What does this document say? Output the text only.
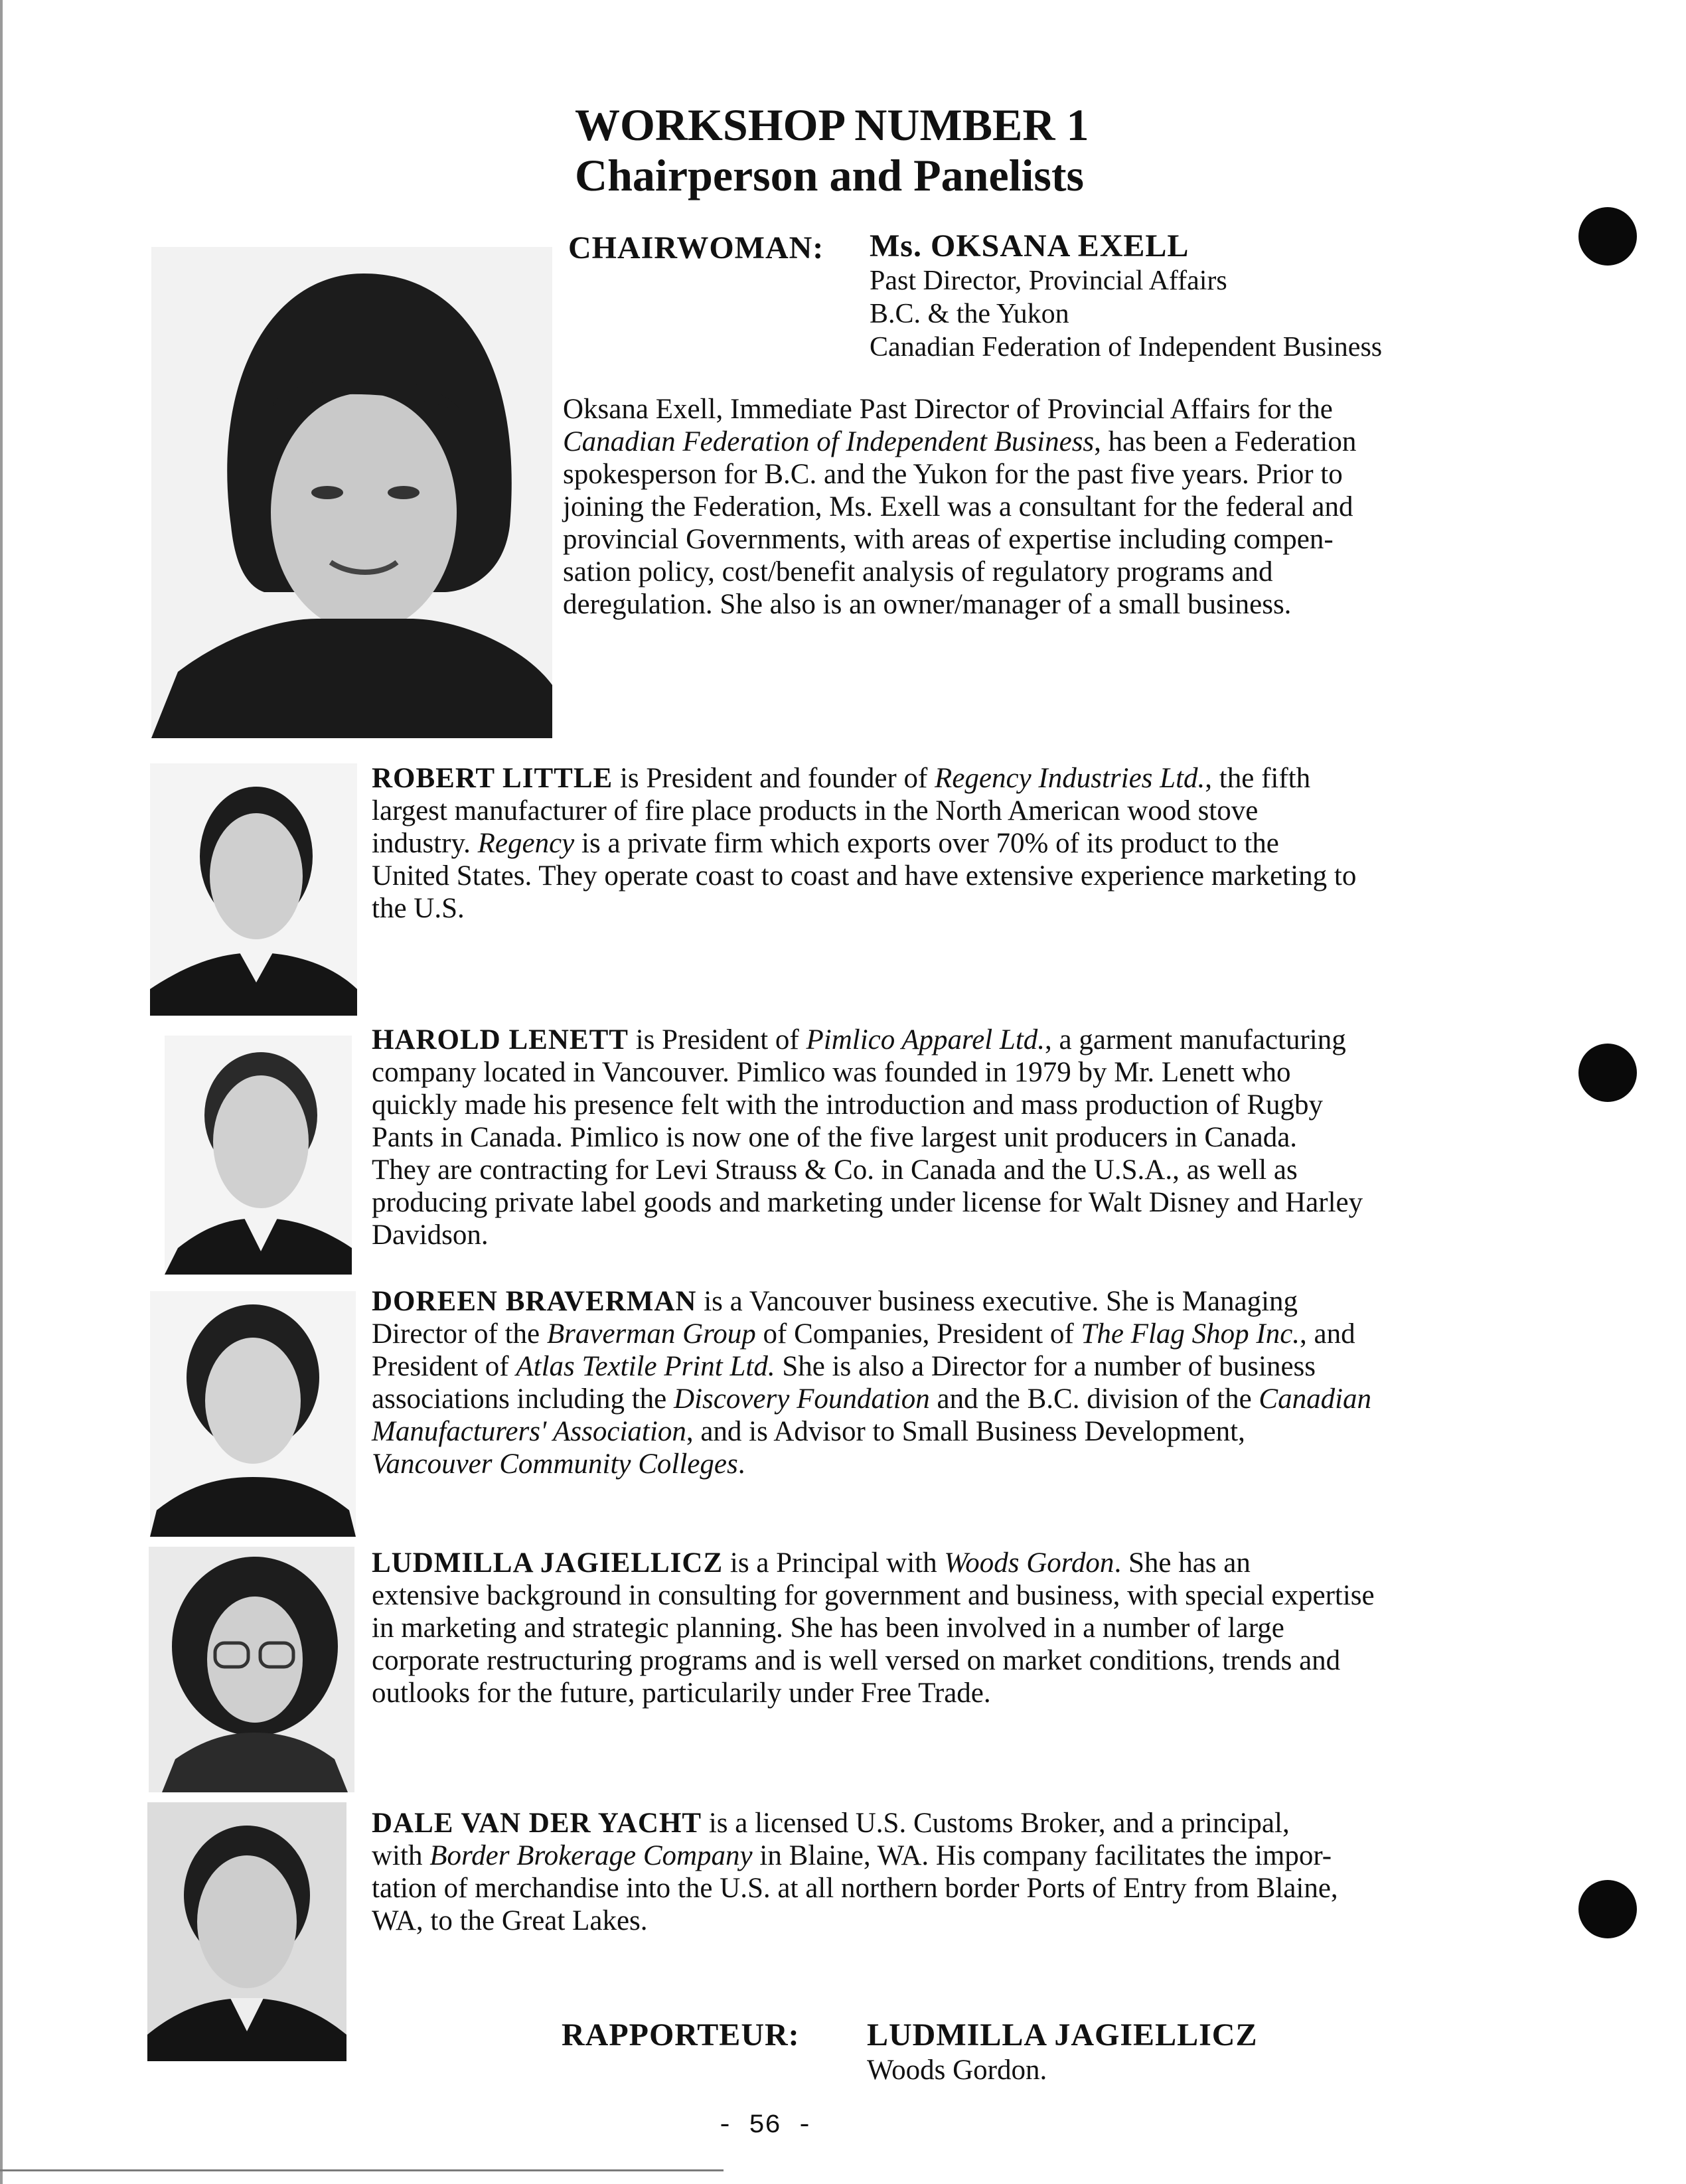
WORKSHOP NUMBER 1
Chairperson and Panelists
CHAIRWOMAN: Ms. OKSANA EXELL
Past Director, Provincial Affairs
B.C. & the Yukon
Canadian Federation of Independent Business

Oksana Exell, Immediate Past Director of Provincial Affairs for the

Canadian Federation of Independent Business, has been a Federation

spokesperson for B.C. and the Yukon for the past five years. Prior to

joining the Federation, Ms. Exell was a consultant for the federal and

provincial Governments, with areas of expertise including compen-

sation policy, cost/benefit analysis of regulatory programs and

deregulation. She also is an owner/manager of a small business.

ROBERT LITTLE is President and founder of Regency Industries Ltd., the fifth

largest manufacturer of fire place products in the North American wood stove

industry. Regency is a private firm which exports over 70% of its product to the

United States. They operate coast to coast and have extensive experience marketing to

the U.S.

HAROLD LENETT is President of Pimlico Apparel Ltd., a garment manufacturing

company located in Vancouver. Pimlico was founded in 1979 by Mr. Lenett who

quickly made his presence felt with the introduction and mass production of Rugby

Pants in Canada. Pimlico is now one of the five largest unit producers in Canada.

They are contracting for Levi Strauss & Co. in Canada and the U.S.A., as well as

producing private label goods and marketing under license for Walt Disney and Harley

Davidson.

DOREEN BRAVERMAN is a Vancouver business executive. She is Managing

Director of the Braverman Group of Companies, President of The Flag Shop Inc., and

President of Atlas Textile Print Ltd. She is also a Director for a number of business

associations including the Discovery Foundation and the B.C. division of the Canadian

Manufacturers' Association, and is Advisor to Small Business Development,

Vancouver Community Colleges.

LUDMILLA JAGIELLICZ is a Principal with Woods Gordon. She has an

extensive background in consulting for government and business, with special expertise

in marketing and strategic planning. She has been involved in a number of large

corporate restructuring programs and is well versed on market conditions, trends and

outlooks for the future, particularily under Free Trade.

DALE VAN DER YACHT is a licensed U.S. Customs Broker, and a principal,

with Border Brokerage Company in Blaine, WA. His company facilitates the impor-

tation of merchandise into the U.S. at all northern border Ports of Entry from Blaine,

WA, to the Great Lakes.

RAPPORTEUR: LUDMILLA JAGIELLICZ
Woods Gordon.
- 56 -
